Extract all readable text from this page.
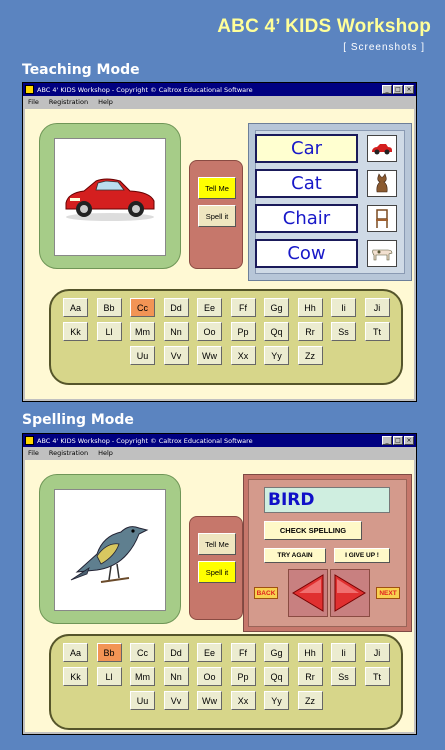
ABC 4’ KIDS Workshop
[ Screenshots ]
Teaching Mode
ABC 4' KIDS Workshop - Copyright © Caltrox Educational Software	_	□ ×
File Registration Help
Tell Me
Spell it
Car
Cat
Chair
Cow
Aa	Bb	Cc	Dd	Ee	Ff	Gg	Hh	Ii	Ji
Kk	Ll	Mm	Nn	Oo	Pp	Qq	Rr	Ss	Tt
Uu	Vv	Ww	Xx	Yy	Zz
Spelling Mode
ABC 4' KIDS Workshop - Copyright © Caltrox Educational Software	_	□ ×
File Registration Help
Tell Me
Spell it
BIRD
CHECK SPELLING
TRY AGAIN	I GIVE UP !
BACK	NEXT
Aa	Bb	Cc	Dd	Ee	Ff	Gg	Hh	Ii	Ji
Kk	Ll	Mm	Nn	Oo	Pp	Qq	Rr	Ss	Tt
Uu	Vv	Ww	Xx	Yy	Zz
